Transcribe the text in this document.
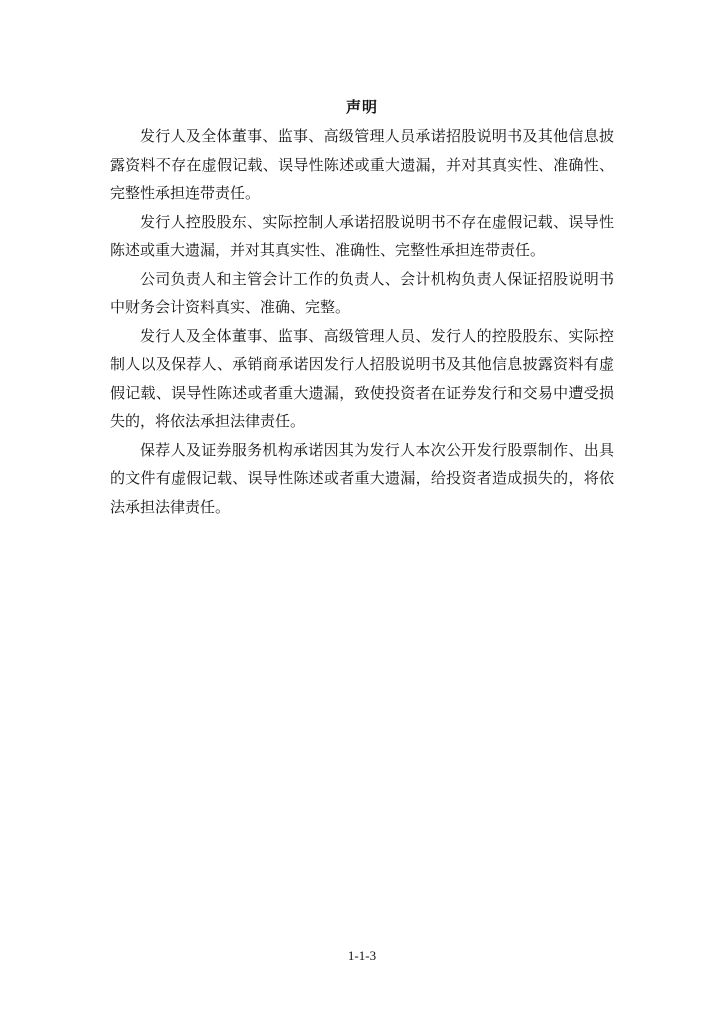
声明

发行人及全体董事、监事、高级管理人员承诺招股说明书及其他信息披露资料不存在虚假记载、误导性陈述或重大遗漏，并对其真实性、准确性、完整性承担连带责任。

发行人控股股东、实际控制人承诺招股说明书不存在虚假记载、误导性陈述或重大遗漏，并对其真实性、准确性、完整性承担连带责任。

公司负责人和主管会计工作的负责人、会计机构负责人保证招股说明书中财务会计资料真实、准确、完整。

发行人及全体董事、监事、高级管理人员、发行人的控股股东、实际控制人以及保荐人、承销商承诺因发行人招股说明书及其他信息披露资料有虚假记载、误导性陈述或者重大遗漏，致使投资者在证券发行和交易中遭受损失的，将依法承担法律责任。

保荐人及证券服务机构承诺因其为发行人本次公开发行股票制作、出具的文件有虚假记载、误导性陈述或者重大遗漏，给投资者造成损失的，将依法承担法律责任。

1-1-3
